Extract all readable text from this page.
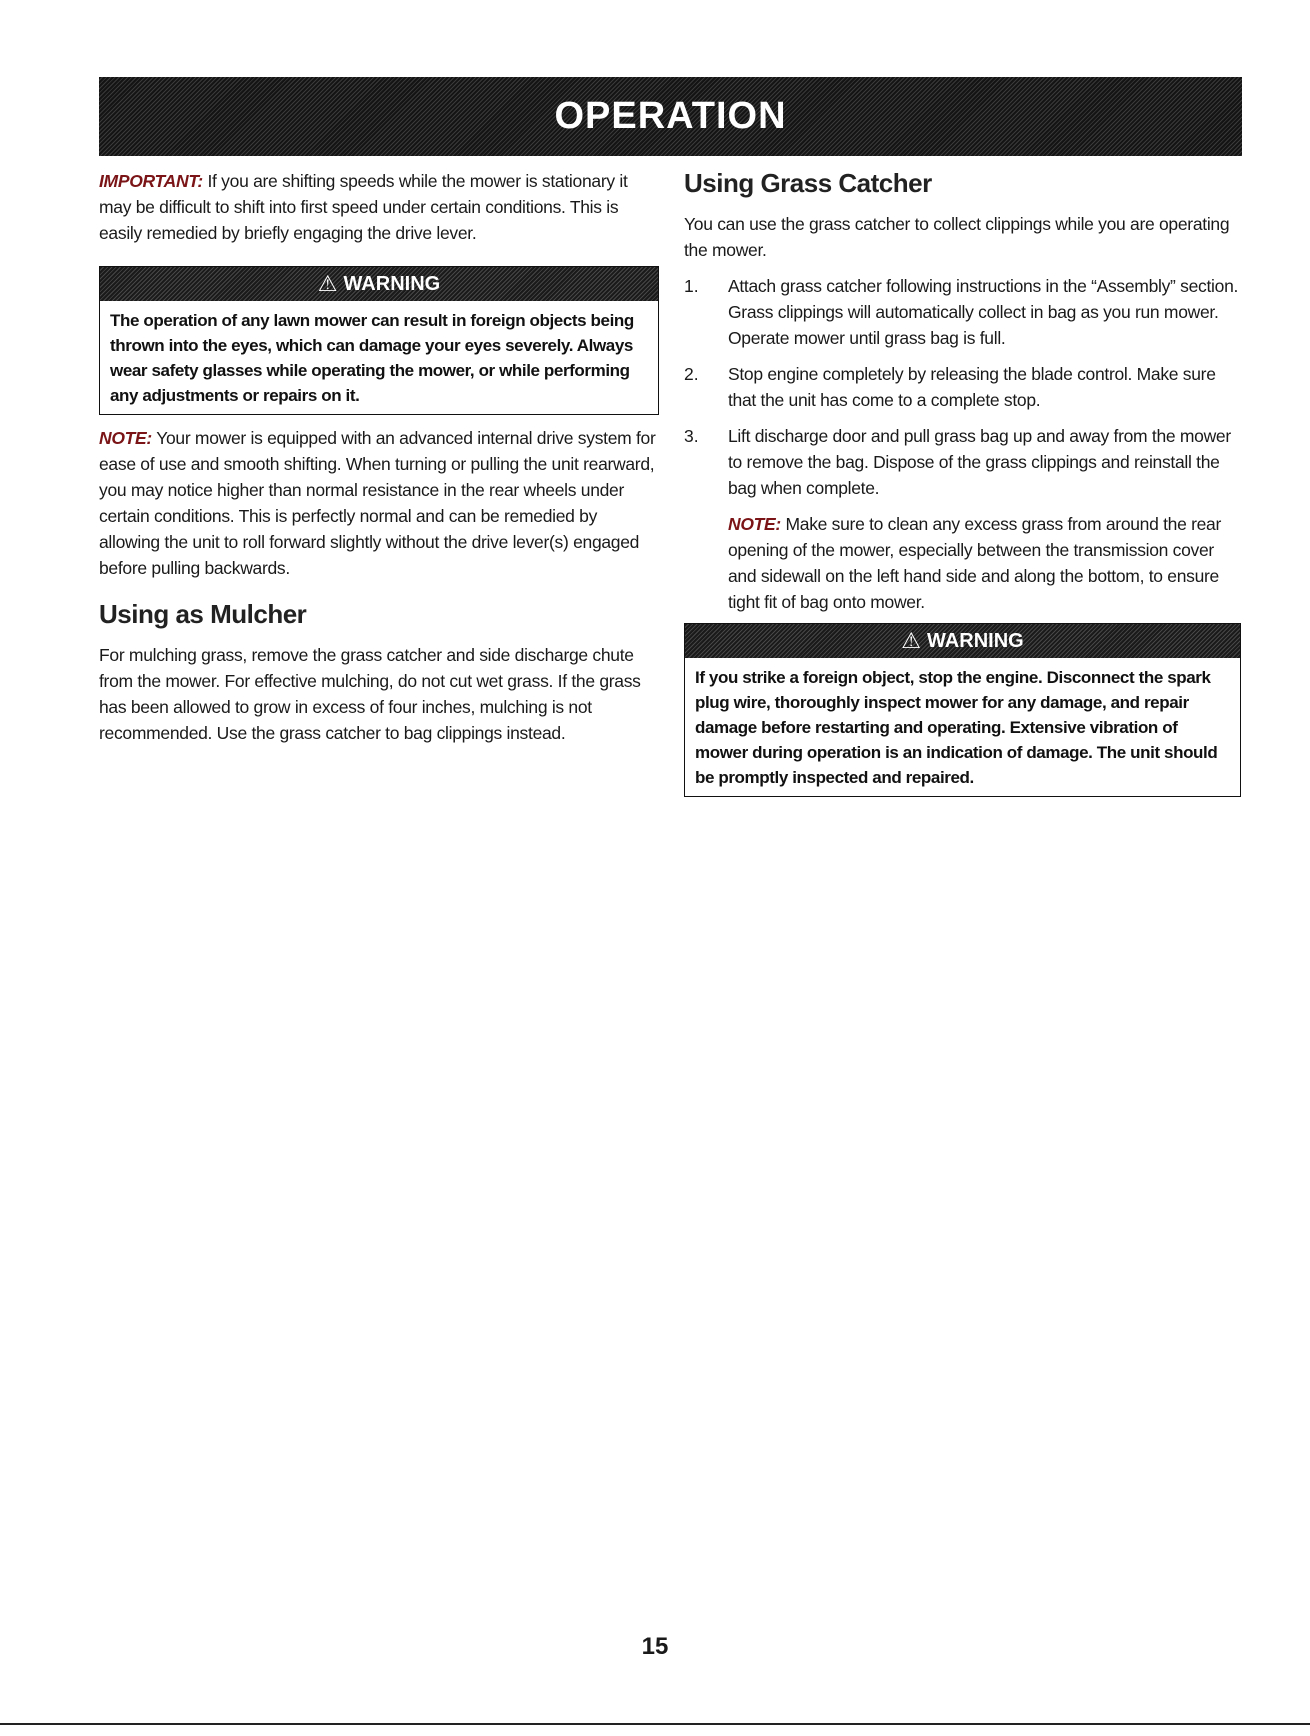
OPERATION

IMPORTANT: If you are shifting speeds while the mower is stationary it may be difficult to shift into first speed under certain conditions. This is easily remedied by briefly engaging the drive lever.

⚠ WARNING
The operation of any lawn mower can result in foreign objects being thrown into the eyes, which can damage your eyes severely. Always wear safety glasses while operating the mower, or while performing any adjustments or repairs on it.

NOTE: Your mower is equipped with an advanced internal drive system for ease of use and smooth shifting. When turning or pulling the unit rearward, you may notice higher than normal resistance in the rear wheels under certain conditions. This is perfectly normal and can be remedied by allowing the unit to roll forward slightly without the drive lever(s) engaged before pulling backwards.

Using as Mulcher

For mulching grass, remove the grass catcher and side discharge chute from the mower. For effective mulching, do not cut wet grass. If the grass has been allowed to grow in excess of four inches, mulching is not recommended. Use the grass catcher to bag clippings instead.

Using Grass Catcher

You can use the grass catcher to collect clippings while you are operating the mower.

1.	Attach grass catcher following instructions in the “Assembly” section. Grass clippings will automatically collect in bag as you run mower. Operate mower until grass bag is full.

2.	Stop engine completely by releasing the blade control. Make sure that the unit has come to a complete stop.

3.	Lift discharge door and pull grass bag up and away from the mower to remove the bag. Dispose of the grass clippings and reinstall the bag when complete.

NOTE: Make sure to clean any excess grass from around the rear opening of the mower, especially between the transmission cover and sidewall on the left hand side and along the bottom, to ensure tight fit of bag onto mower.

⚠ WARNING
If you strike a foreign object, stop the engine. Disconnect the spark plug wire, thoroughly inspect mower for any damage, and repair damage before restarting and operating. Extensive vibration of mower during operation is an indication of damage. The unit should be promptly inspected and repaired.
15
